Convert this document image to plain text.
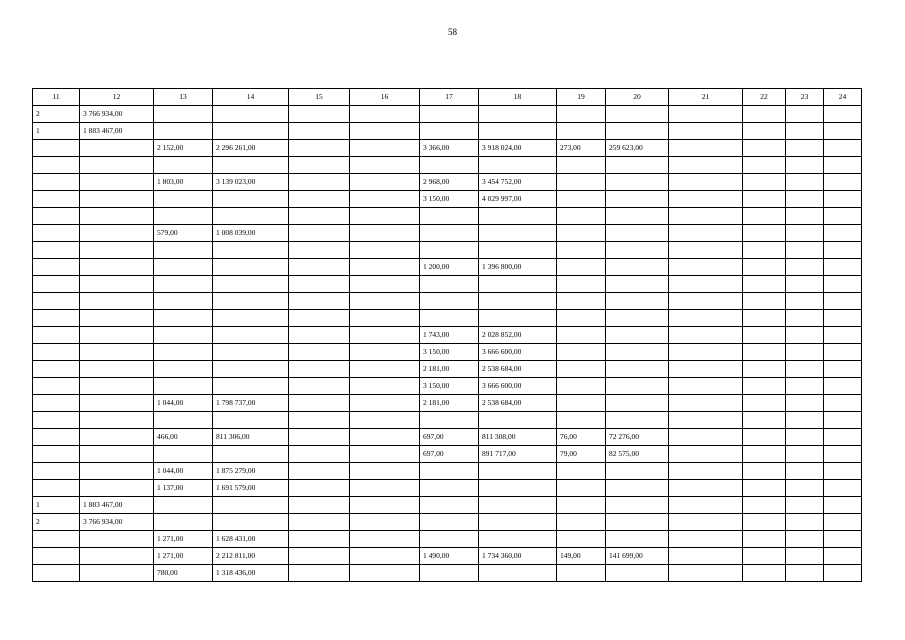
58
11	12	13	14	15	16	17	18	19	20	21	22	23	24
2	3 766 934,00												
1	1 883 467,00												
		2 152,00	2 296 261,00			3 366,00	3 918 024,00	273,00	259 623,00				

		1 803,00	3 139 023,00			2 968,00	3 454 752,00						
						3 150,00	4 029 997,00						

		579,00	1 008 039,00										

						1 200,00	1 396 800,00						

						1 743,00	2 028 852,00						
						3 150,00	3 666 600,00						
						2 181,00	2 538 684,00						
						3 150,00	3 666 600,00						
		1 044,00	1 798 737,00			2 181,00	2 538 684,00						

		466,00	811 306,00			697,00	811 308,00	76,00	72 276,00				
						697,00	891 717,00	79,00	82 575,00				
		1 044,00	1 875 279,00										
		1 137,00	1 691 579,00										
1	1 883 467,00												
2	3 766 934,00												
		1 271,00	1 628 431,00										
		1 271,00	2 212 811,00			1 490,00	1 734 360,00	149,00	141 699,00				
		780,00	1 318 436,00										
